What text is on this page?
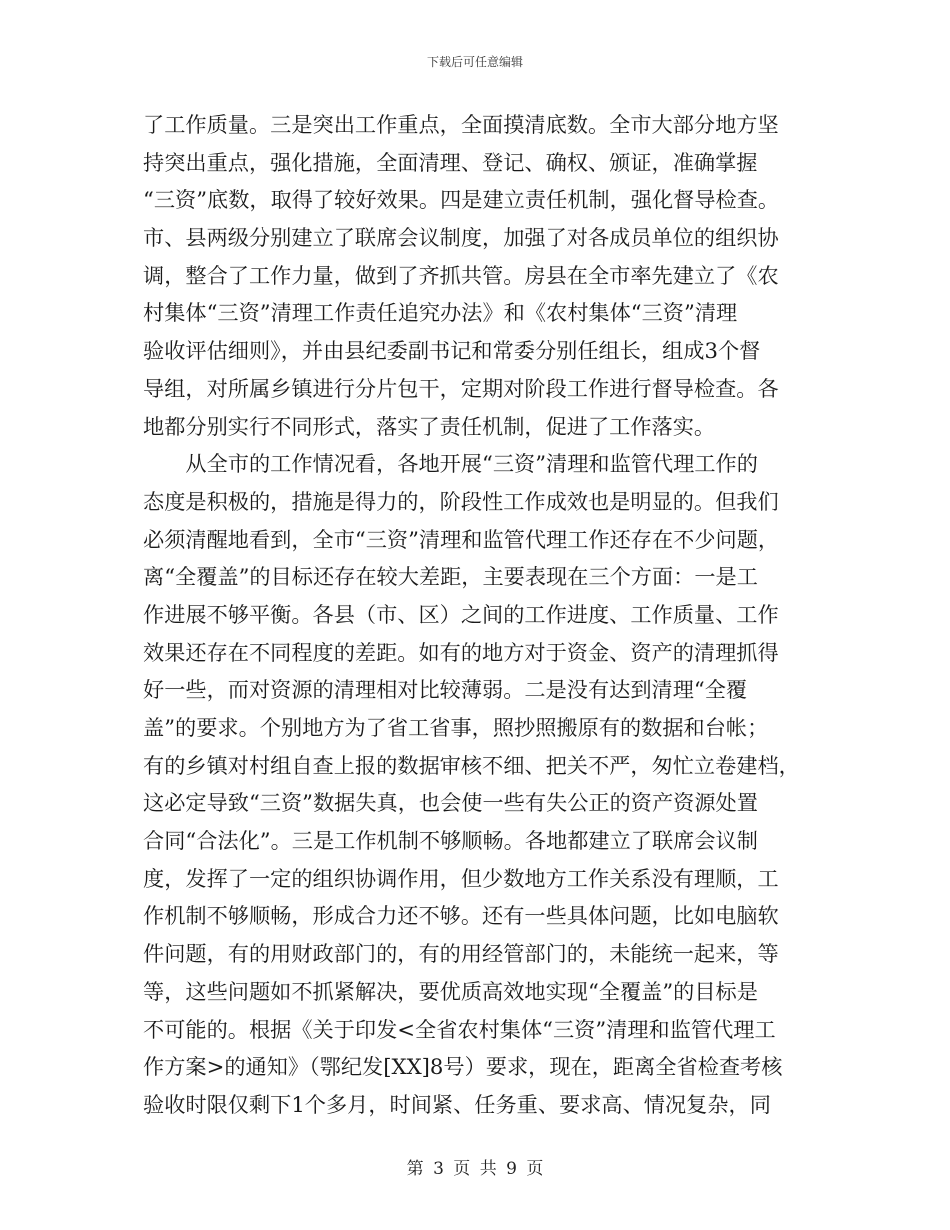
下载后可任意编辑
了工作质量。三是突出工作重点，全面摸清底数。全市大部分地方坚
持突出重点，强化措施，全面清理、登记、确权、颁证，准确掌握
“三资”底数，取得了较好效果。四是建立责任机制，强化督导检查。
市、县两级分别建立了联席会议制度，加强了对各成员单位的组织协
调，整合了工作力量，做到了齐抓共管。房县在全市率先建立了《农
村集体“三资”清理工作责任追究办法》和《农村集体“三资”清理
验收评估细则》，并由县纪委副书记和常委分别任组长，组成3个督
导组，对所属乡镇进行分片包干，定期对阶段工作进行督导检查。各
地都分别实行不同形式，落实了责任机制，促进了工作落实。
　　从全市的工作情况看，各地开展“三资”清理和监管代理工作的
态度是积极的，措施是得力的，阶段性工作成效也是明显的。但我们
必须清醒地看到，全市“三资”清理和监管代理工作还存在不少问题，
离“全覆盖”的目标还存在较大差距，主要表现在三个方面：一是工
作进展不够平衡。各县（市、区）之间的工作进度、工作质量、工作
效果还存在不同程度的差距。如有的地方对于资金、资产的清理抓得
好一些，而对资源的清理相对比较薄弱。二是没有达到清理“全覆
盖”的要求。个别地方为了省工省事，照抄照搬原有的数据和台帐；
有的乡镇对村组自查上报的数据审核不细、把关不严，匆忙立卷建档，
这必定导致“三资”数据失真，也会使一些有失公正的资产资源处置
合同“合法化”。三是工作机制不够顺畅。各地都建立了联席会议制
度，发挥了一定的组织协调作用，但少数地方工作关系没有理顺，工
作机制不够顺畅，形成合力还不够。还有一些具体问题，比如电脑软
件问题，有的用财政部门的，有的用经管部门的，未能统一起来，等
等，这些问题如不抓紧解决，要优质高效地实现“全覆盖”的目标是
不可能的。根据《关于印发<全省农村集体“三资”清理和监管代理工
作方案>的通知》（鄂纪发[XX]8号）要求，现在，距离全省检查考核
验收时限仅剩下1个多月，时间紧、任务重、要求高、情况复杂，同
第 3 页 共 9 页
